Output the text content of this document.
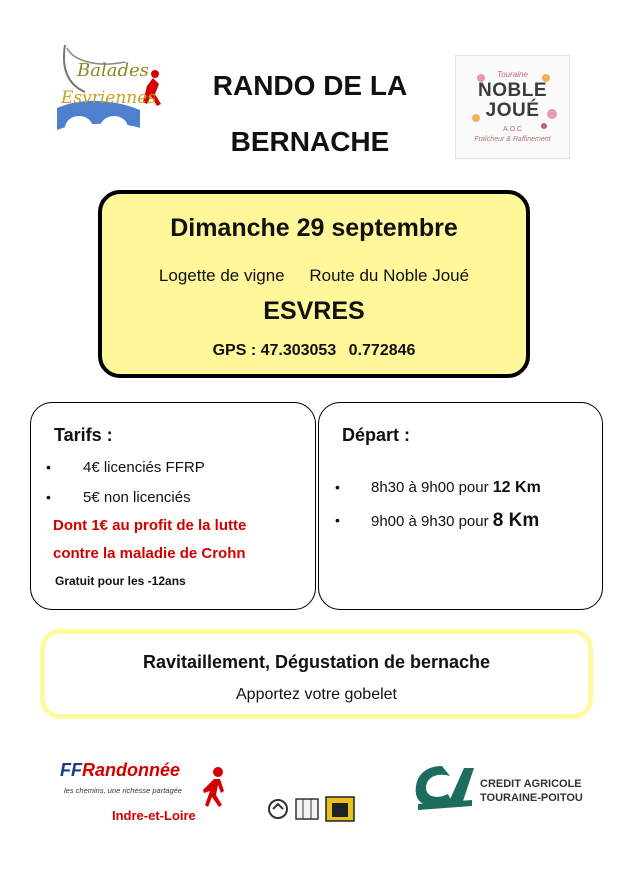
Balades
Esvriennes	RANDO DE LA
BERNACHE
Touraine
NOBLE
JOUÉ
A.O.C
Fraîcheur & Raffinement
Dimanche 29 septembre
Logette de vigne Route du Noble Joué
ESVRES
GPS : 47.303053 0.772846
Tarifs :
• 4€ licenciés FFRP
• 5€ non licenciés
Dont 1€ au profit de la lutte
contre la maladie de Crohn
Gratuit pour les -12ans
Départ :
• 8h30 à 9h00 pour 12 Km
• 9h00 à 9h30 pour 8 Km
Ravitaillement, Dégustation de bernache
Apportez votre gobelet
FFRandonnée
les chemins, une richesse partagée
Indre-et-Loire
CREDIT AGRICOLE
TOURAINE-POITOU
